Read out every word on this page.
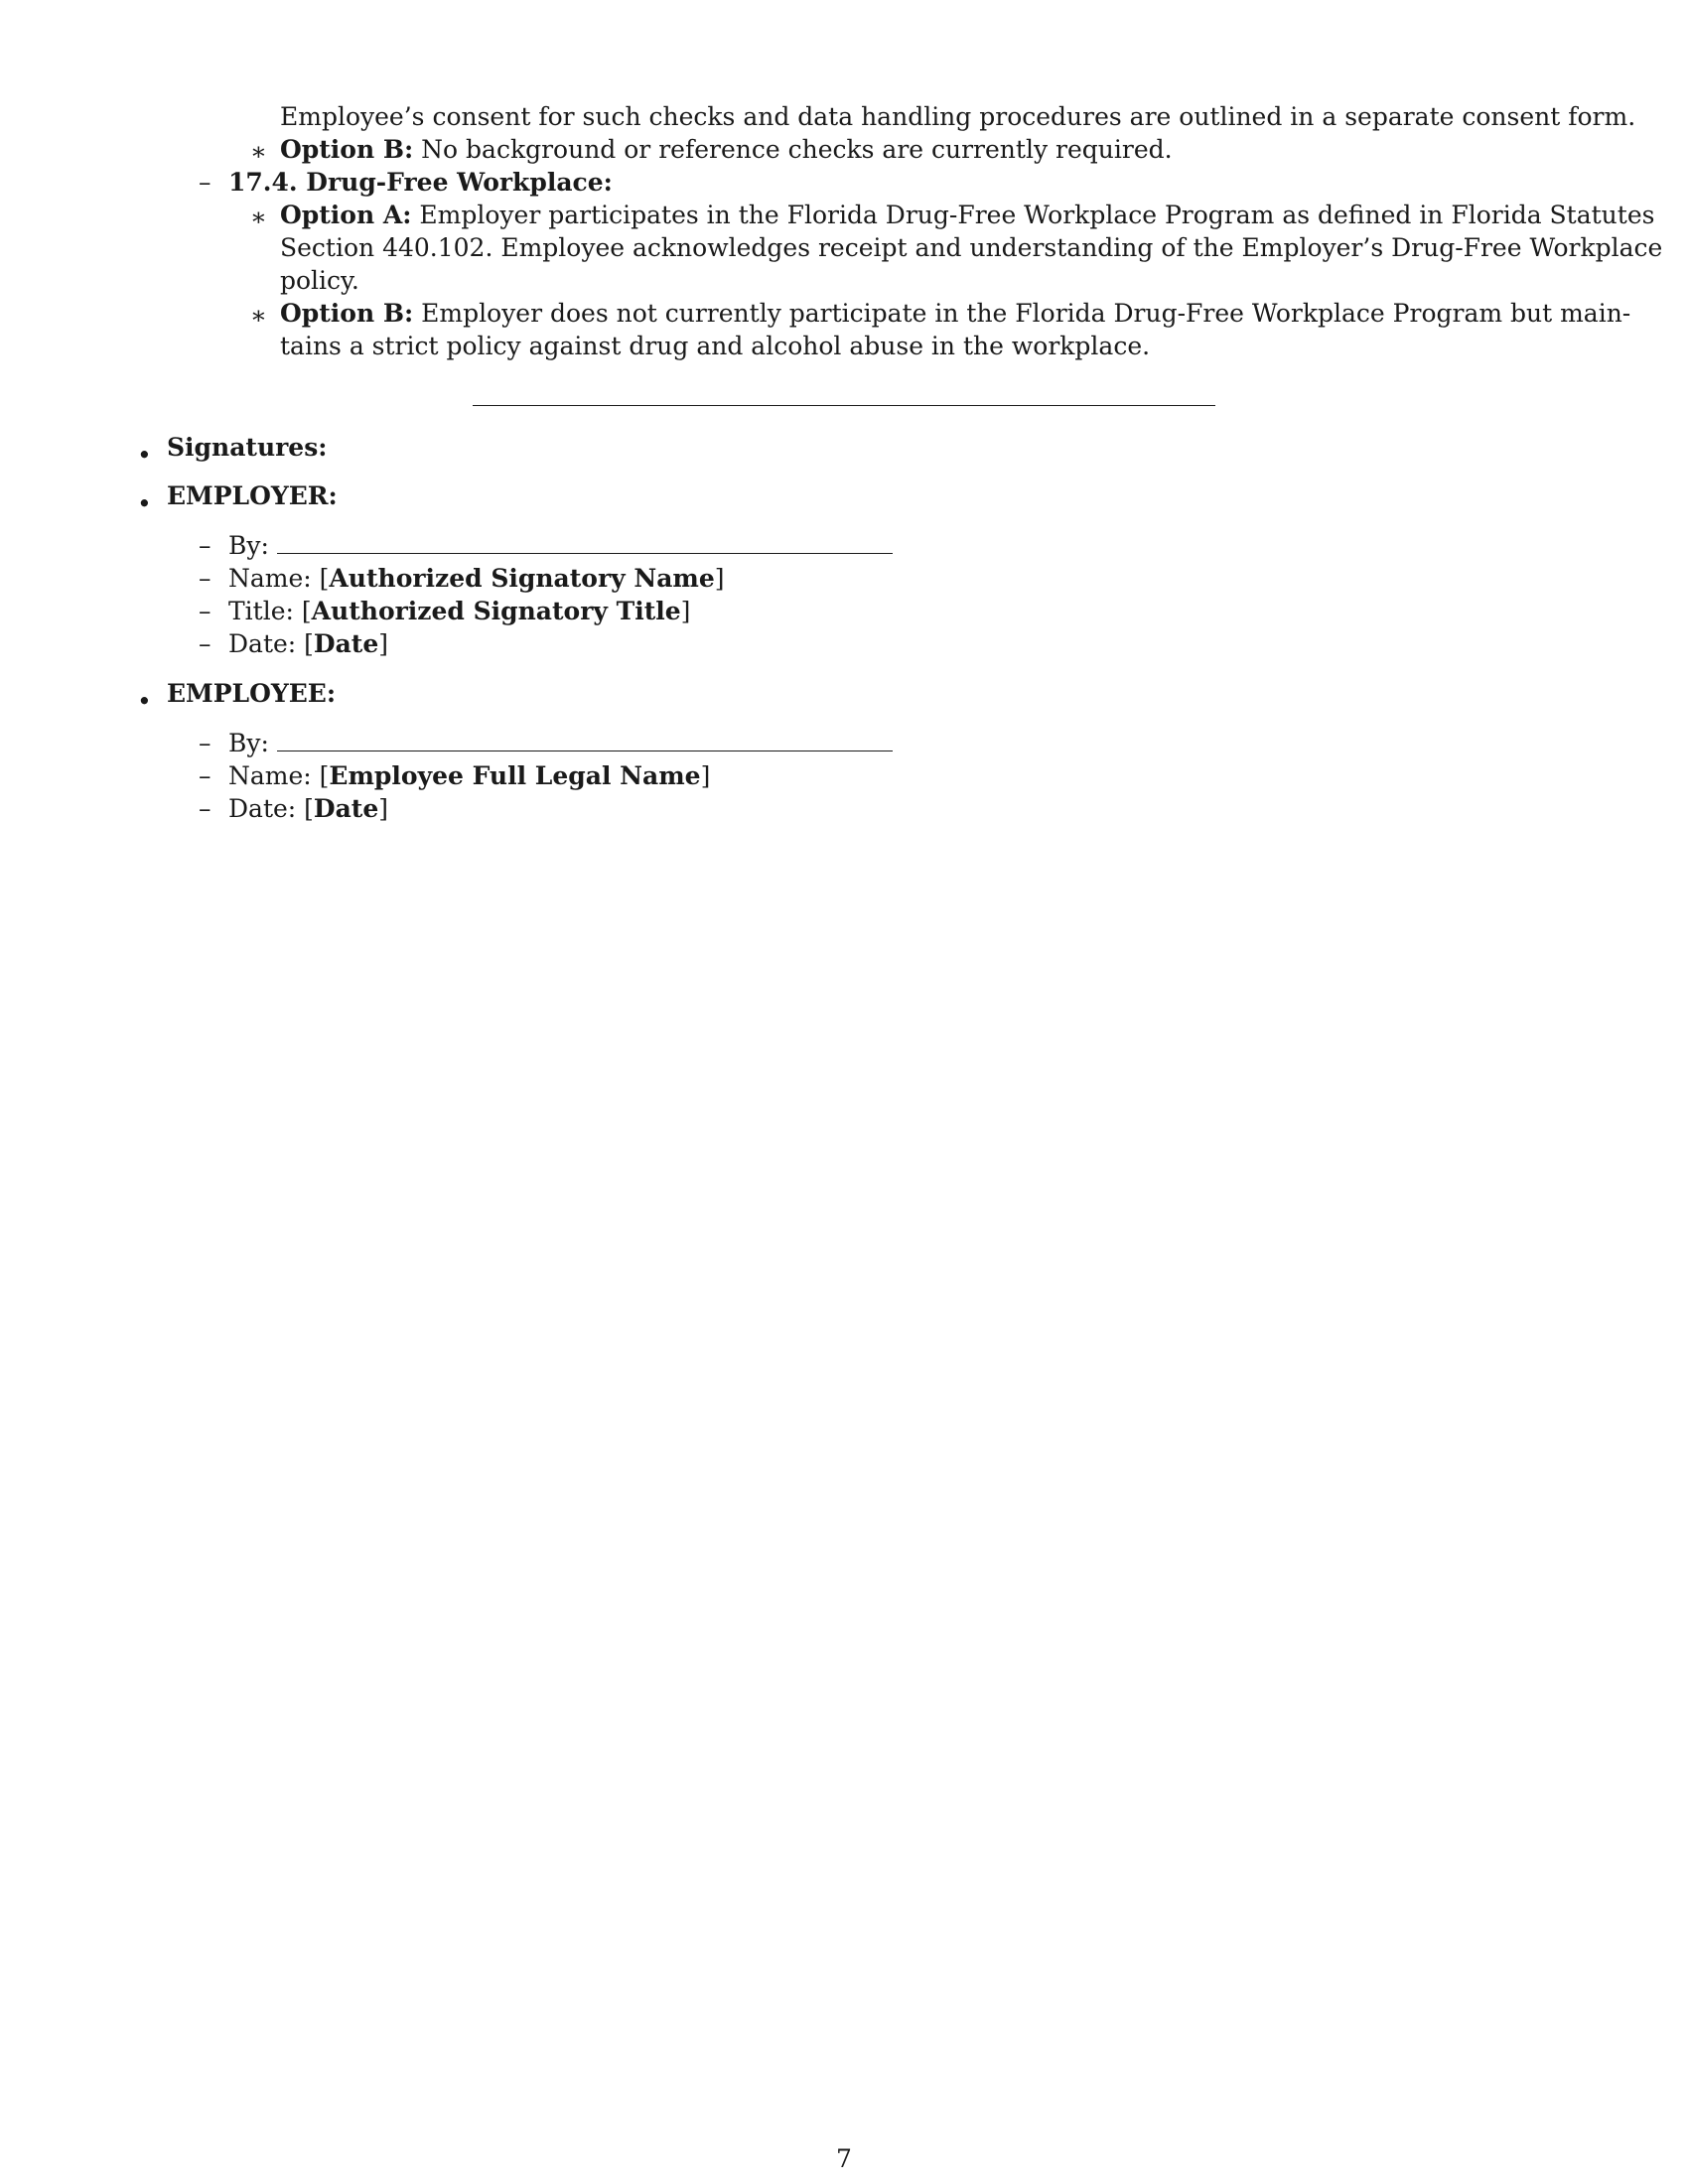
Employee’s consent for such checks and data handling procedures are outlined in a separate consent form.
∗ Option B: No background or reference checks are currently required.
– 17.4. Drug-Free Workplace:
∗ Option A: Employer participates in the Florida Drug-Free Workplace Program as defined in Florida Statutes
Section 440.102. Employee acknowledges receipt and understanding of the Employer’s Drug-Free Workplace
policy.
∗ Option B: Employer does not currently participate in the Florida Drug-Free Workplace Program but main-
tains a strict policy against drug and alcohol abuse in the workplace.
• Signatures:
• EMPLOYER:
– By:
– Name: [Authorized Signatory Name]
– Title: [Authorized Signatory Title]
– Date: [Date]
• EMPLOYEE:
– By:
– Name: [Employee Full Legal Name]
– Date: [Date]
7
